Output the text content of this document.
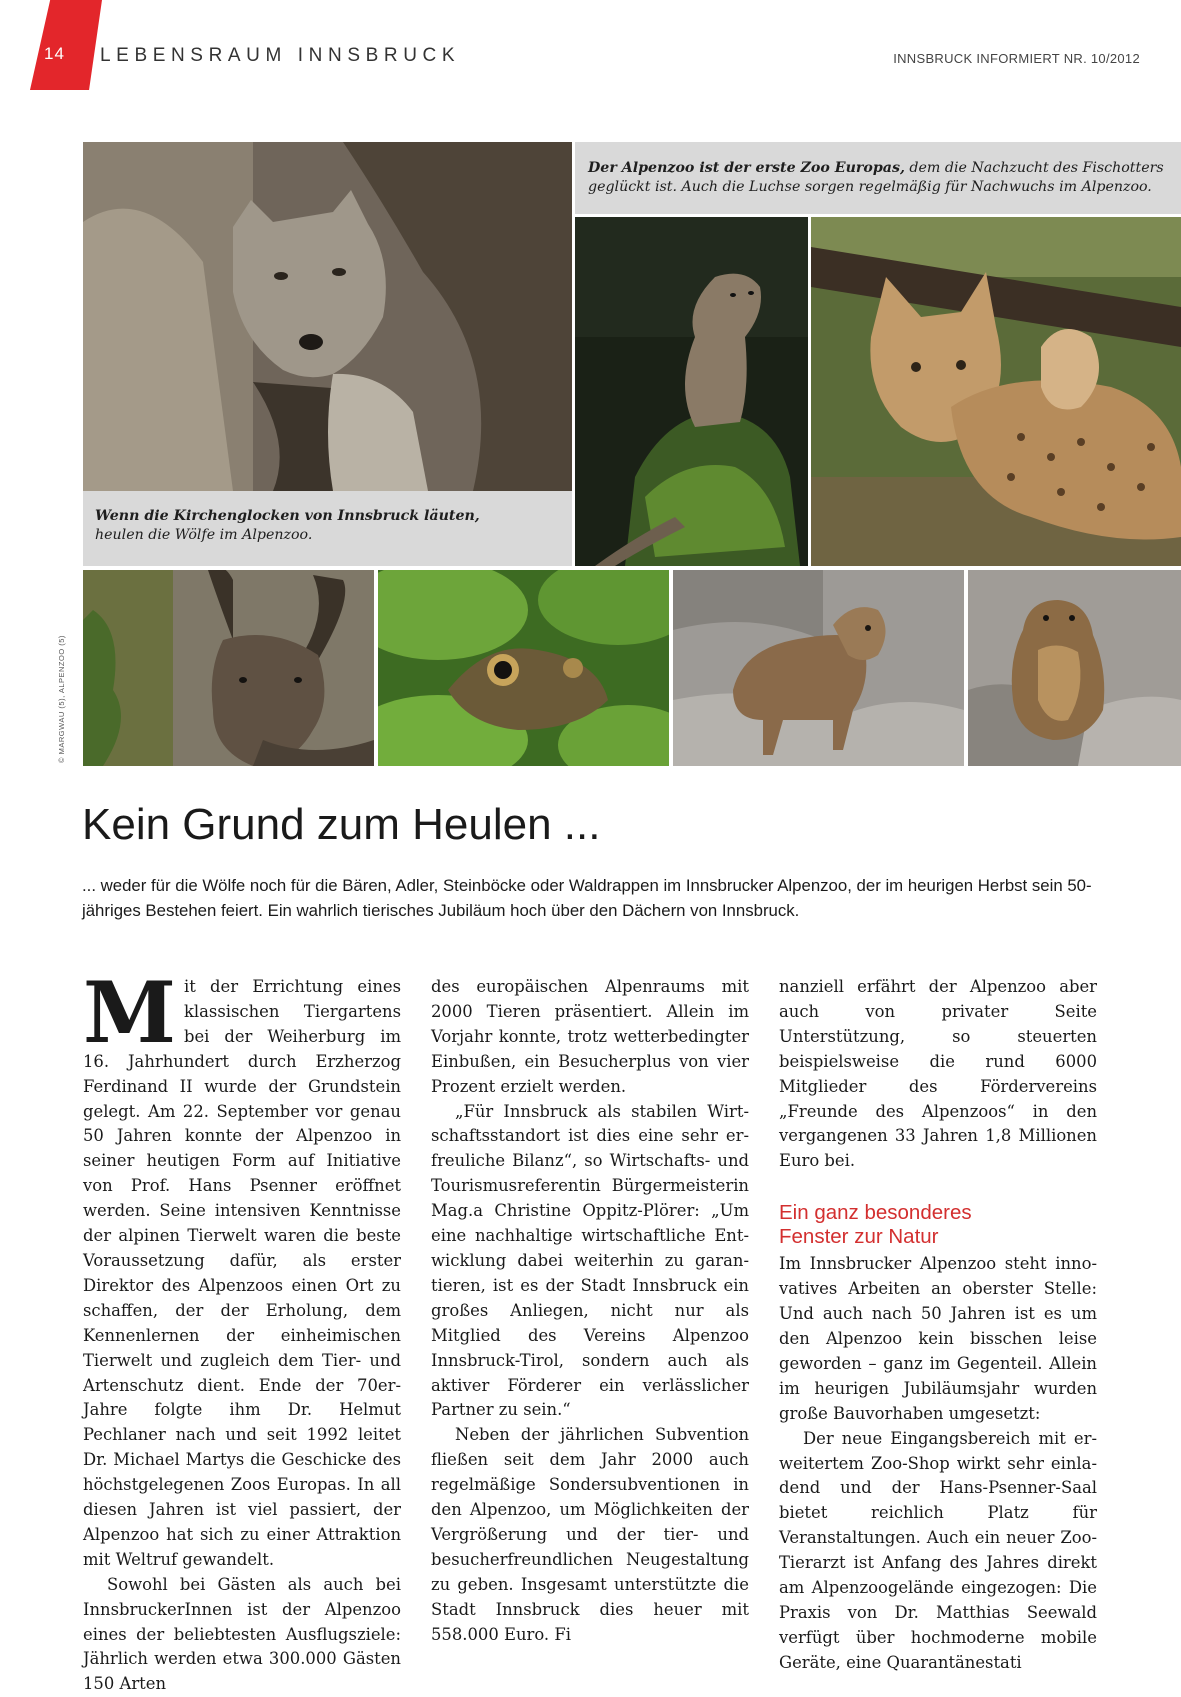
14 LEBENSRAUM INNSBRUCK	INNSBRUCK INFORMIERT NR. 10/2012
Wenn die Kirchenglocken von Innsbruck läuten,
heulen die Wölfe im Alpenzoo.
Der Alpenzoo ist der erste Zoo Europas, dem die Nachzucht des Fischotters geglückt ist. Auch die Luchse sorgen regelmäßig für Nachwuchs im Alpenzoo.
© MARGWAU (5), ALPENZOO (5)
Kein Grund zum Heulen ...
... weder für die Wölfe noch für die Bären, Adler, Steinböcke oder Waldrappen im Innsbrucker Alpenzoo, der im heurigen Herbst sein 50-jähriges Bestehen feiert. Ein wahrlich tierisches Jubiläum hoch über den Dächern von Innsbruck.
M it der Errichtung eines klassischen Tiergartens bei der Weiherburg im 16. Jahrhundert durch Erzherzog Ferdinand II wurde der Grundstein gelegt. Am 22. September vor genau 50 Jahren konnte der Alpenzoo in seiner heutigen Form auf Initiative von Prof. Hans Psenner eröffnet werden. Seine intensiven Kenntnisse der alpinen Tierwelt waren die beste Voraussetzung dafür, als erster Direktor des Alpenzoos einen Ort zu schaffen, der der Erholung, dem Kennenlernen der einheimischen Tierwelt und zugleich dem Tier- und Artenschutz dient. Ende der 70er-Jahre folgte ihm Dr. Helmut Pechlaner nach und seit 1992 leitet Dr. Michael Martys die Geschicke des höchstgelegenen Zoos Europas. In all diesen Jahren ist viel passiert, der Alpenzoo hat sich zu einer Attraktion mit Weltruf gewandelt.

Sowohl bei Gästen als auch bei InnsbruckerInnen ist der Alpenzoo eines der beliebtesten Ausflugsziele: Jährlich werden etwa 300.000 Gästen 150 Arten

des europäischen Alpenraums mit 2000 Tieren präsentiert. Allein im Vorjahr konnte, trotz wetterbedingter Einbußen, ein Besucherplus von vier Prozent erzielt werden.

„Für Innsbruck als stabilen Wirtschaftsstandort ist dies eine sehr erfreuliche Bilanz“, so Wirtschafts- und Tourismusreferentin Bürgermeisterin Mag.a Christine Oppitz-Plörer: „Um eine nachhaltige wirtschaftliche Entwicklung dabei weiterhin zu garantieren, ist es der Stadt Innsbruck ein großes Anliegen, nicht nur als Mitglied des Vereins Alpenzoo Innsbruck-Tirol, sondern auch als aktiver Förderer ein verlässlicher Partner zu sein.“

Neben der jährlichen Subvention fließen seit dem Jahr 2000 auch regelmäßige Sondersubventionen in den Alpenzoo, um Möglichkeiten der Vergrößerung und der tier- und besucherfreundlichen Neugestaltung zu geben. Insgesamt unterstützte die Stadt Innsbruck dies heuer mit 558.000 Euro. Fi

nanziell erfährt der Alpenzoo aber auch von privater Seite Unterstützung, so steuerten beispielsweise die rund 6000 Mitglieder des Fördervereins „Freunde des Alpenzoos“ in den vergangenen 33 Jahren 1,8 Millionen Euro bei.

Ein ganz besonderes
Fenster zur Natur

Im Innsbrucker Alpenzoo steht innovatives Arbeiten an oberster Stelle: Und auch nach 50 Jahren ist es um den Alpenzoo kein bisschen leise geworden – ganz im Gegenteil. Allein im heurigen Jubiläumsjahr wurden große Bauvorhaben umgesetzt:

Der neue Eingangsbereich mit erweitertem Zoo-Shop wirkt sehr einladend und der Hans-Psenner-Saal bietet reichlich Platz für Veranstaltungen. Auch ein neuer Zoo-Tierarzt ist Anfang des Jahres direkt am Alpenzoogelände eingezogen: Die Praxis von Dr. Matthias Seewald verfügt über hochmoderne mobile Geräte, eine Quarantänestati
